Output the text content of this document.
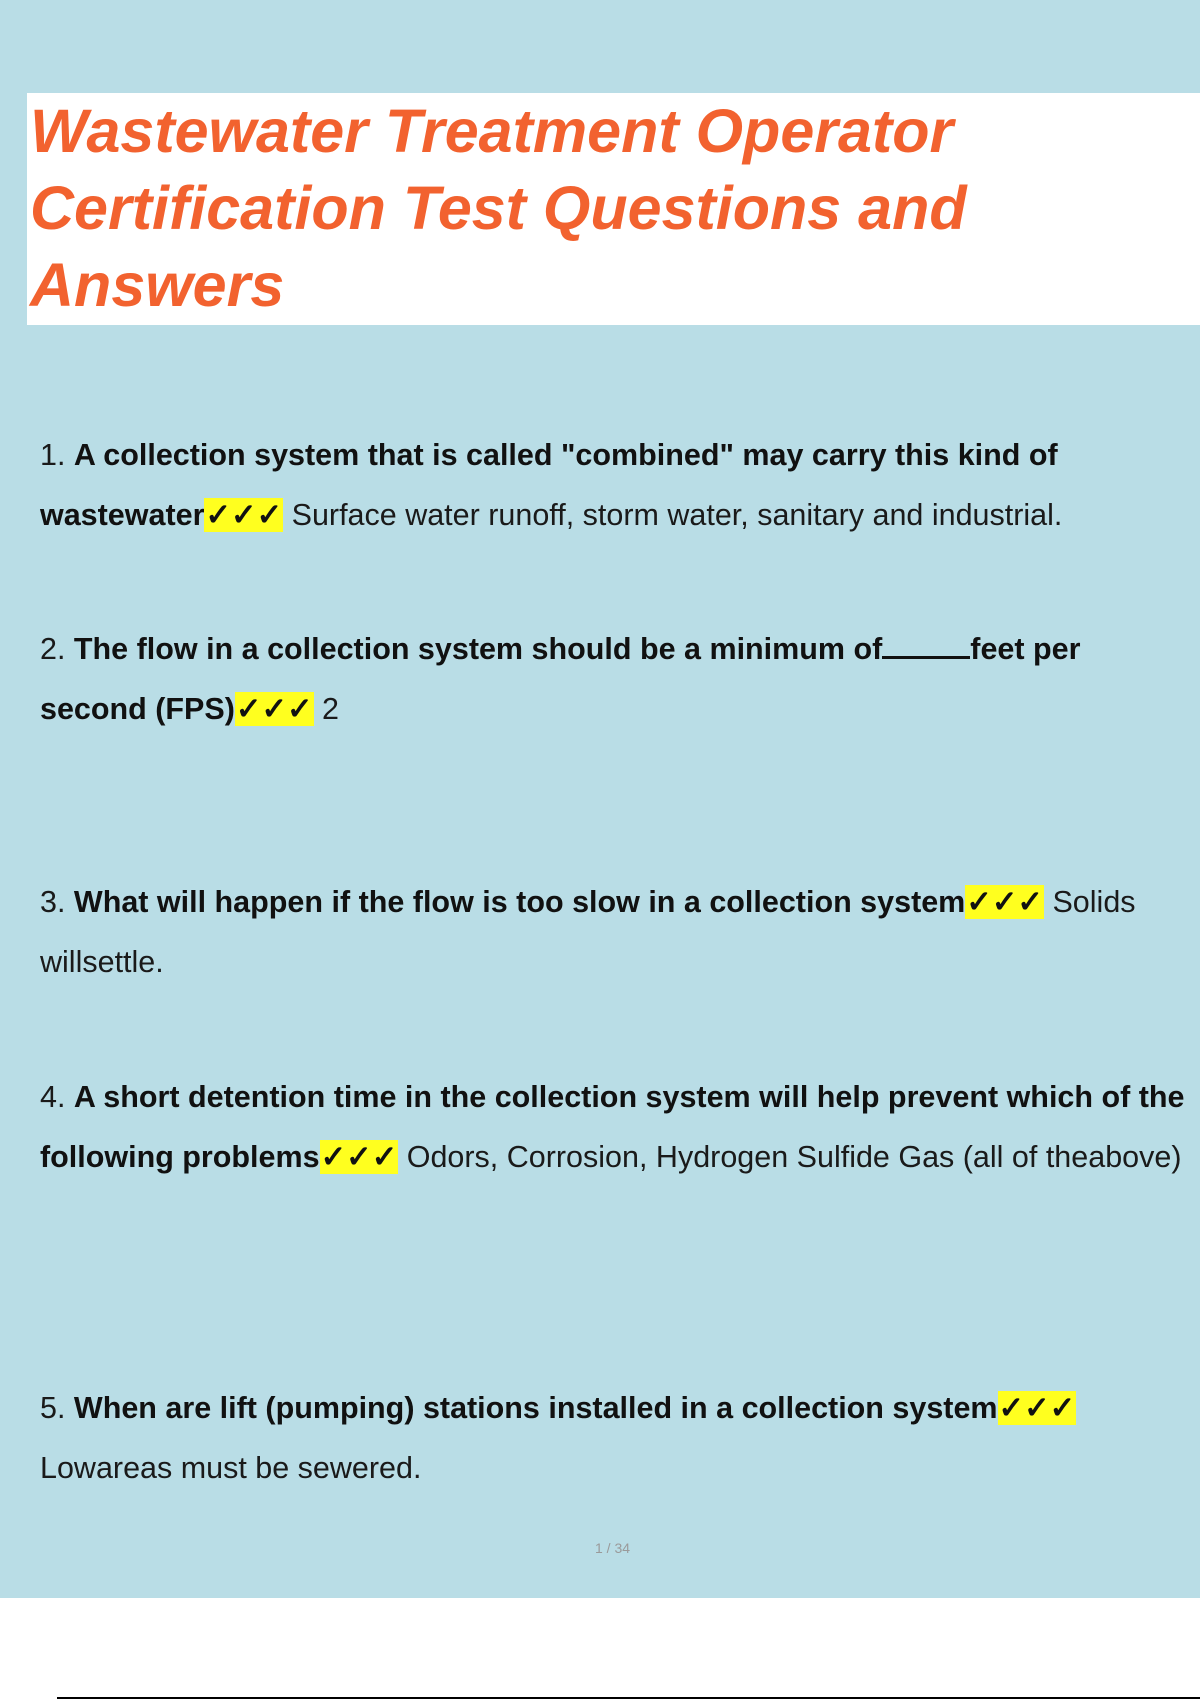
Wastewater Treatment Operator Certification Test Questions and Answers

1. A collection system that is called "combined" may carry this kind of wastewater✓✓✓ Surface water runoff, storm water, sanitary and industrial.

2. The flow in a collection system should be a minimum of	feet per second (FPS)✓✓✓ 2

3. What will happen if the flow is too slow in a collection system✓✓✓ Solids willsettle.

4. A short detention time in the collection system will help prevent which of the following problems✓✓✓ Odors, Corrosion, Hydrogen Sulfide Gas (all of theabove)

5. When are lift (pumping) stations installed in a collection system✓✓✓ Lowareas must be sewered.

1 / 34
